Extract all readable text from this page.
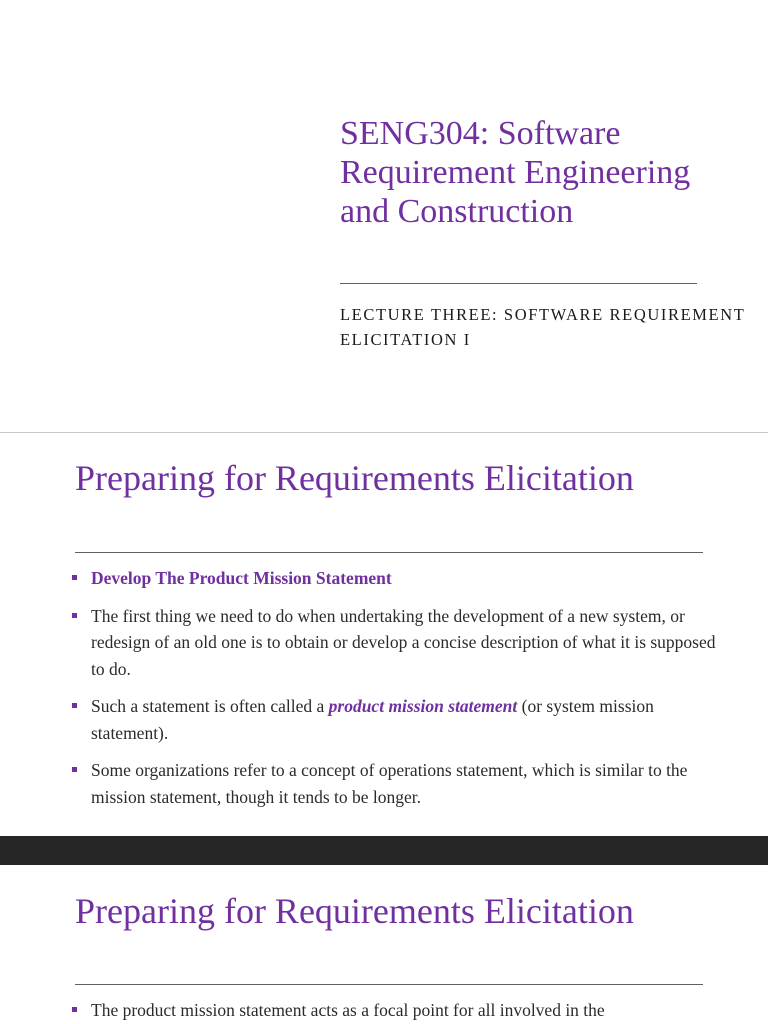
SENG304: Software Requirement Engineering and Construction

LECTURE THREE: SOFTWARE REQUIREMENT ELICITATION I

Preparing for Requirements Elicitation
Develop The Product Mission Statement
The first thing we need to do when undertaking the development of a new system, or redesign of an old one is to obtain or develop a concise description of what it is supposed to do.
Such a statement is often called a product mission statement (or system mission statement).
Some organizations refer to a concept of operations statement, which is similar to the mission statement, though it tends to be longer.
Preparing for Requirements Elicitation
The product mission statement acts as a focal point for all involved in the
